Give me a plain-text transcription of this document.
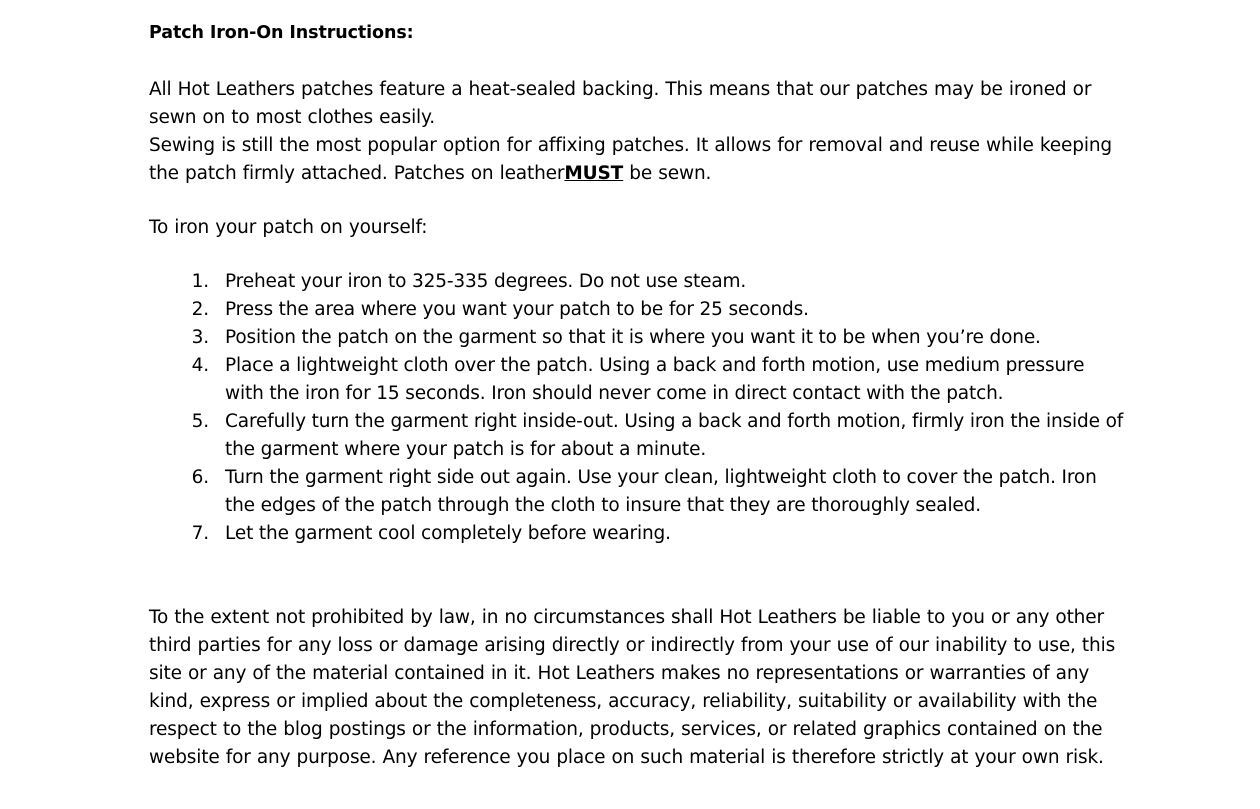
Patch Iron-On Instructions:

All Hot Leathers patches feature a heat-sealed backing. This means that our patches may be ironed or sewn on to most clothes easily.

Sewing is still the most popular option for affixing patches. It allows for removal and reuse while keeping the patch firmly attached. Patches on leatherMUST be sewn.

To iron your patch on yourself:

Preheat your iron to 325-335 degrees. Do not use steam.
Press the area where you want your patch to be for 25 seconds.
Position the patch on the garment so that it is where you want it to be when you’re done.
Place a lightweight cloth over the patch. Using a back and forth motion, use medium pressure with the iron for 15 seconds. Iron should never come in direct contact with the patch.
Carefully turn the garment right inside-out. Using a back and forth motion, firmly iron the inside of the garment where your patch is for about a minute.
Turn the garment right side out again. Use your clean, lightweight cloth to cover the patch. Iron the edges of the patch through the cloth to insure that they are thoroughly sealed.
Let the garment cool completely before wearing.

To the extent not prohibited by law, in no circumstances shall Hot Leathers be liable to you or any other third parties for any loss or damage arising directly or indirectly from your use of our inability to use, this site or any of the material contained in it. Hot Leathers makes no representations or warranties of any kind, express or implied about the completeness, accuracy, reliability, suitability or availability with the respect to the blog postings or the information, products, services, or related graphics contained on the website for any purpose. Any reference you place on such material is therefore strictly at your own risk.
